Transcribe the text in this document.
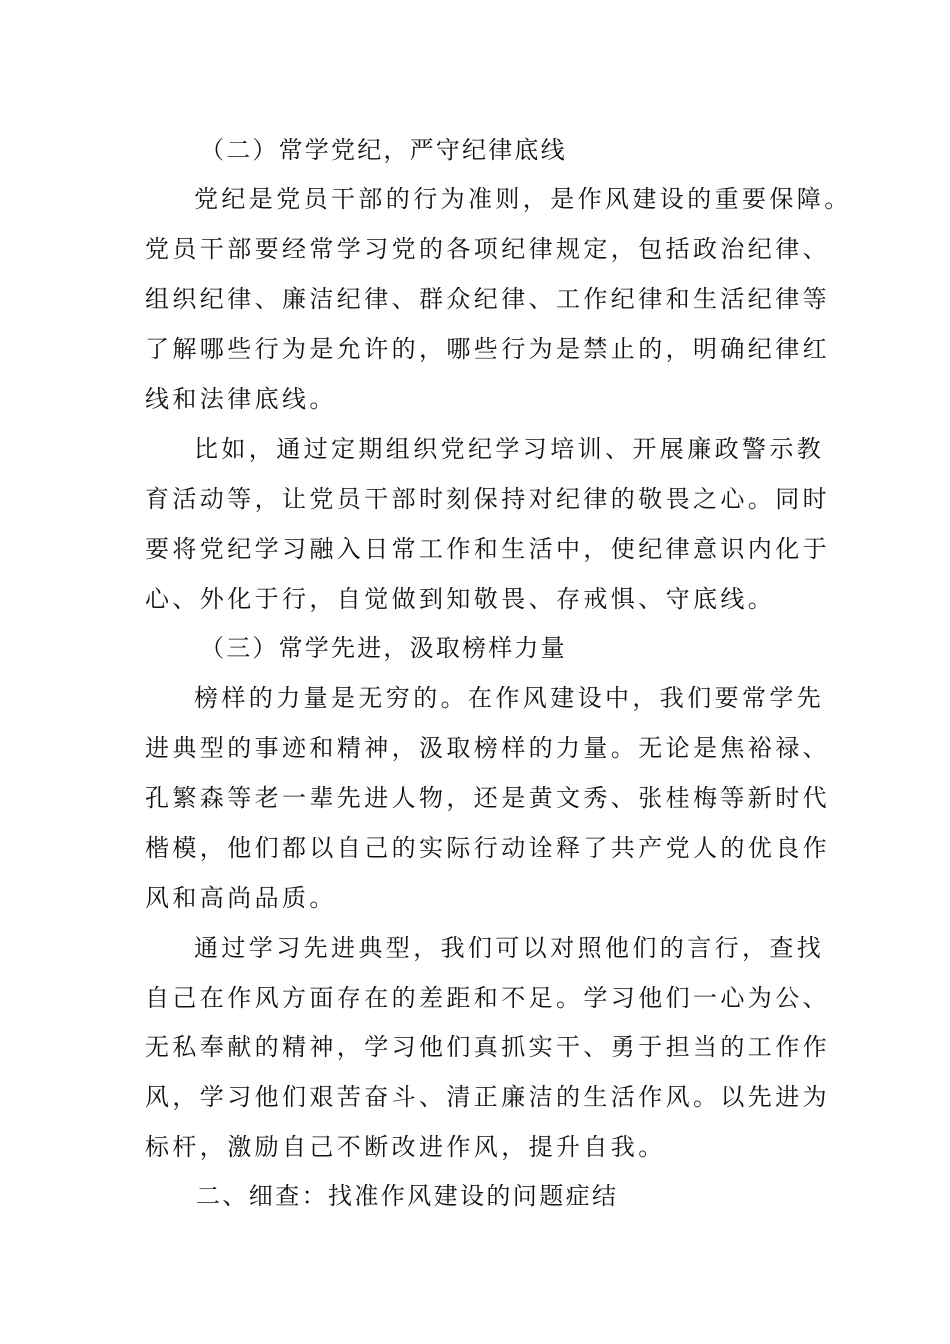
（二）常学党纪，严守纪律底线
党纪是党员干部的行为准则，是作风建设的重要保障。
党员干部要经常学习党的各项纪律规定，包括政治纪律、
组织纪律、廉洁纪律、群众纪律、工作纪律和生活纪律等
了解哪些行为是允许的，哪些行为是禁止的，明确纪律红
线和法律底线。
比如，通过定期组织党纪学习培训、开展廉政警示教
育活动等，让党员干部时刻保持对纪律的敬畏之心。同时
要将党纪学习融入日常工作和生活中，使纪律意识内化于
心、外化于行，自觉做到知敬畏、存戒惧、守底线。
（三）常学先进，汲取榜样力量
榜样的力量是无穷的。在作风建设中，我们要常学先
进典型的事迹和精神，汲取榜样的力量。无论是焦裕禄、
孔繁森等老一辈先进人物，还是黄文秀、张桂梅等新时代
楷模，他们都以自己的实际行动诠释了共产党人的优良作
风和高尚品质。
通过学习先进典型，我们可以对照他们的言行，查找
自己在作风方面存在的差距和不足。学习他们一心为公、
无私奉献的精神，学习他们真抓实干、勇于担当的工作作
风，学习他们艰苦奋斗、清正廉洁的生活作风。以先进为
标杆，激励自己不断改进作风，提升自我。
二、细查：找准作风建设的问题症结
